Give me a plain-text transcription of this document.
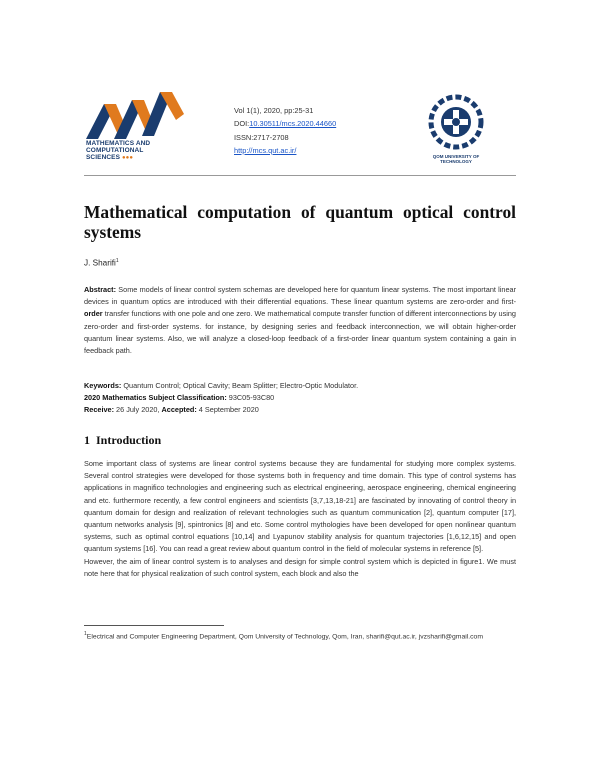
MATHEMATICS AND
COMPUTATIONAL
SCIENCES ●●●
Vol 1(1), 2020, pp:25-31
DOI:10.30511/mcs.2020.44660
ISSN:2717-2708
http://mcs.qut.ac.ir/
QOM UNIVERSITY OF TECHNOLOGY
Mathematical computation of quantum optical control systems
J. Sharifi$^1$

Abstract: Some models of linear control system schemas are developed here for quantum linear systems. The most important linear devices in quantum optics are introduced with their differential equations. These linear quantum systems are zero-order and first-order transfer functions with one pole and one zero. We mathematical compute transfer function of different interconnections by using zero-order and first-order systems. for instance, by designing series and feedback interconnection, we will obtain higher-order quantum linear systems. Also, we will analyze a closed-loop feedback of a first-order linear quantum system containing a gain in feedback path.

Keywords: Quantum Control; Optical Cavity; Beam Splitter; Electro-Optic Modulator.
2020 Mathematics Subject Classification: 93C05-93C80
Receive: 26 July 2020, Accepted: 4 September 2020
1 Introduction

Some important class of systems are linear control systems because they are fundamental for studying more complex systems. Several control strategies were developed for those systems both in frequency and time domain. This type of control systems has applications in magnifico technologies and engineering such as electrical engineering, aerospace engineering, chemical engineering and etc. furthermore recently, a few control engineers and scientists [3,7,13,18-21] are fascinated by innovating of control theory in quantum domain for design and realization of relevant technologies such as quantum communication [2], quantum computer [17], quantum networks analysis [9], spintronics [8] and etc. Some control mythologies have been developed for open nonlinear quantum systems, such as optimal control equations [10,14] and Lyapunov stability analysis for quantum trajectories [1,6,12,15] and open quantum systems [16]. You can read a great review about quantum control in the field of molecular systems in reference [5].

However, the aim of linear control system is to analyses and design for simple control system which is depicted in figure1. We must note here that for physical realization of such control system, each block and also the

$^1$Electrical and Computer Engineering Department, Qom University of Technology, Qom, Iran, sharifi@qut.ac.ir, jvzsharifi@gmail.com
